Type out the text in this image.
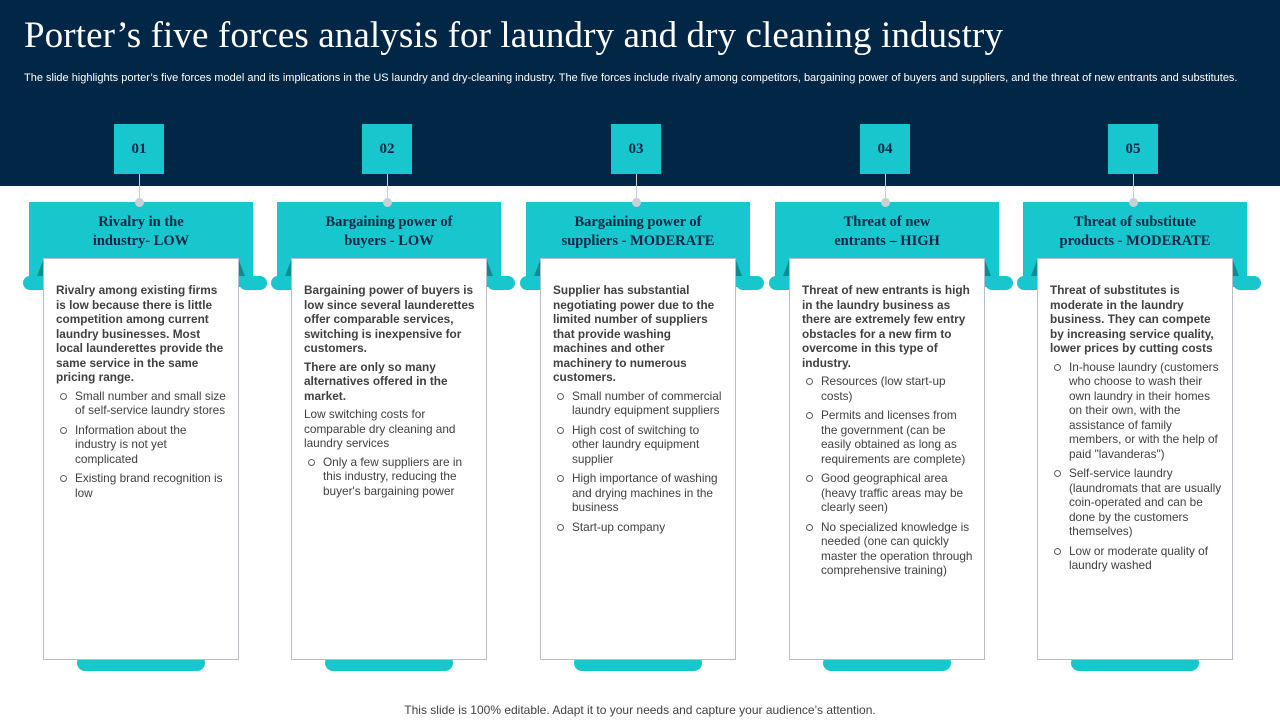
Porter’s five forces analysis for laundry and dry cleaning industry
The slide highlights porter’s five forces model and its implications in the US laundry and dry-cleaning industry. The five forces include rivalry among competitors, bargaining power of buyers and suppliers, and the threat of new entrants and substitutes.
Rivalry in the
industry- LOW
01

Rivalry among existing firms is low because there is little competition among current laundry businesses. Most local launderettes provide the same service in the same pricing range.

Small number and small size of self-service laundry stores
Information about the industry is not yet complicated
Existing brand recognition is low
Bargaining power of
buyers - LOW
02

Bargaining power of buyers is low since several launderettes offer comparable services, switching is inexpensive for customers.

There are only so many alternatives offered in the market.

Low switching costs for comparable dry cleaning and laundry services

Only a few suppliers are in this industry, reducing the buyer's bargaining power
Bargaining power of
suppliers - MODERATE
03

Supplier has substantial negotiating power due to the limited number of suppliers that provide washing machines and other machinery to numerous customers.

Small number of commercial laundry equipment suppliers
High cost of switching to other laundry equipment supplier
High importance of washing and drying machines in the business
Start-up company
Threat of new
entrants – HIGH
04

Threat of new entrants is high in the laundry business as there are extremely few entry obstacles for a new firm to overcome in this type of industry.

Resources (low start-up costs)
Permits and licenses from the government (can be easily obtained as long as requirements are complete)
Good geographical area (heavy traffic areas may be clearly seen)
No specialized knowledge is needed (one can quickly master the operation through comprehensive training)
Threat of substitute
products - MODERATE
05

Threat of substitutes is moderate in the laundry business. They can compete by increasing service quality, lower prices by cutting costs

In-house laundry (customers who choose to wash their own laundry in their homes on their own, with the assistance of family members, or with the help of paid "lavanderas")
Self-service laundry (laundromats that are usually coin-operated and can be done by the customers themselves)
Low or moderate quality of laundry washed
This slide is 100% editable. Adapt it to your needs and capture your audience’s attention.
